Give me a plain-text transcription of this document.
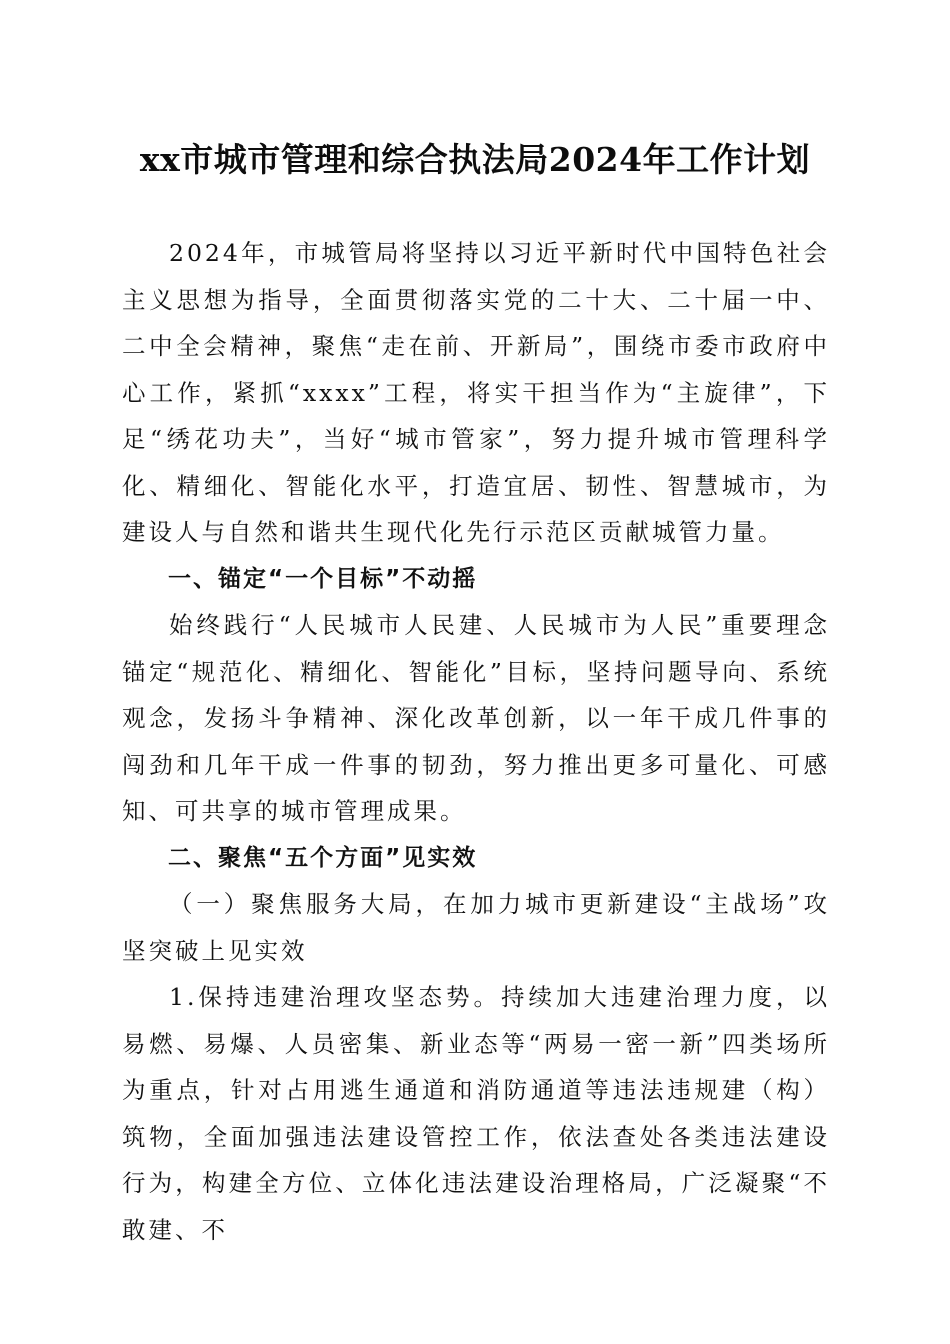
xx市城市管理和综合执法局2024年工作计划

2024年，市城管局将坚持以习近平新时代中国特色社会主义思想为指导，全面贯彻落实党的二十大、二十届一中、二中全会精神，聚焦“走在前、开新局”，围绕市委市政府中心工作，紧抓“xxxx”工程，将实干担当作为“主旋律”，下足“绣花功夫”，当好“城市管家”，努力提升城市管理科学化、精细化、智能化水平，打造宜居、韧性、智慧城市，为建设人与自然和谐共生现代化先行示范区贡献城管力量。

一、锚定“一个目标”不动摇

始终践行“人民城市人民建、人民城市为人民”重要理念锚定“规范化、精细化、智能化”目标，坚持问题导向、系统观念，发扬斗争精神、深化改革创新，以一年干成几件事的闯劲和几年干成一件事的韧劲，努力推出更多可量化、可感知、可共享的城市管理成果。

二、聚焦“五个方面”见实效

（一）聚焦服务大局，在加力城市更新建设“主战场”攻坚突破上见实效

1.保持违建治理攻坚态势。持续加大违建治理力度，以易燃、易爆、人员密集、新业态等“两易一密一新”四类场所为重点，针对占用逃生通道和消防通道等违法违规建（构）筑物，全面加强违法建设管控工作，依法查处各类违法建设行为，构建全方位、立体化违法建设治理格局，广泛凝聚“不敢建、不
